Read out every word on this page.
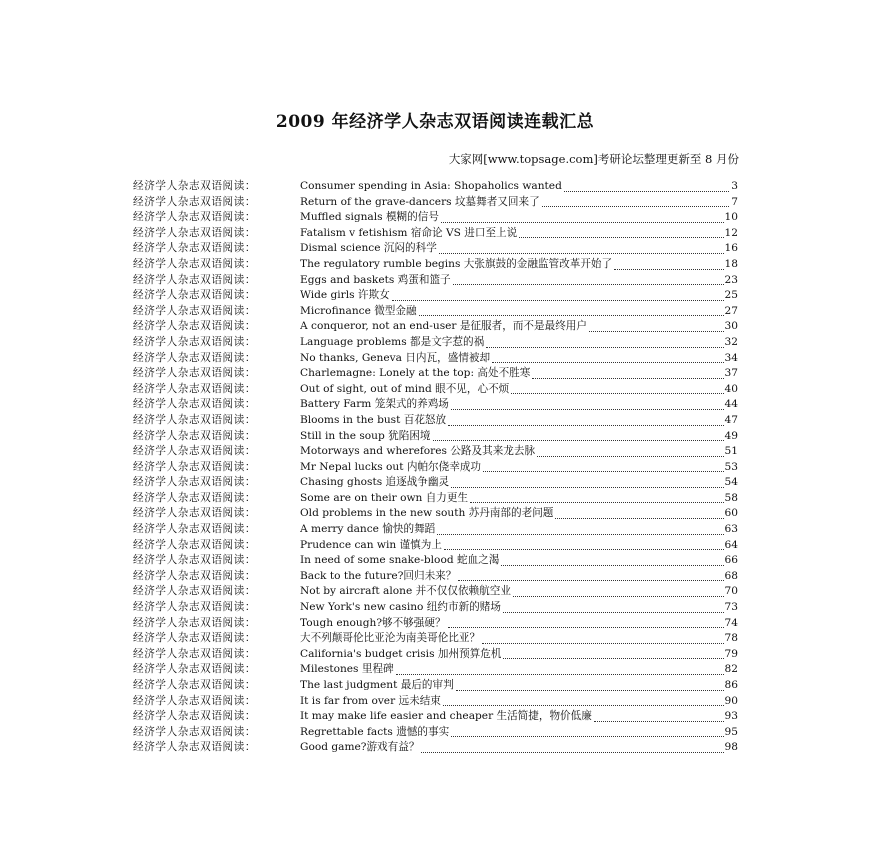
2009 年经济学人杂志双语阅读连载汇总
大家网[www.topsage.com]考研论坛整理更新至 8 月份
经济学人杂志双语阅读：	Consumer spending in Asia: Shopaholics wanted	3
经济学人杂志双语阅读：	Return of the grave-dancers 坟墓舞者又回来了	7
经济学人杂志双语阅读：	Muffled signals 模糊的信号	10
经济学人杂志双语阅读：	Fatalism v fetishism 宿命论 VS 进口至上说	12
经济学人杂志双语阅读：	Dismal science 沉闷的科学	16
经济学人杂志双语阅读：	The regulatory rumble begins 大张旗鼓的金融监管改革开始了	18
经济学人杂志双语阅读：	Eggs and baskets 鸡蛋和篮子	23
经济学人杂志双语阅读：	Wide girls 许欺女	25
经济学人杂志双语阅读：	Microfinance 微型金融	27
经济学人杂志双语阅读：	A conqueror, not an end-user 是征服者，而不是最终用户	30
经济学人杂志双语阅读：	Language problems 都是文字惹的祸	32
经济学人杂志双语阅读：	No thanks, Geneva 日内瓦，盛情被却	34
经济学人杂志双语阅读：	Charlemagne: Lonely at the top: 高处不胜寒	37
经济学人杂志双语阅读：	Out of sight, out of mind 眼不见，心不烦	40
经济学人杂志双语阅读：	Battery Farm 笼架式的养鸡场	44
经济学人杂志双语阅读：	Blooms in the bust 百花怒放	47
经济学人杂志双语阅读：	Still in the soup 犹陷困境	49
经济学人杂志双语阅读：	Motorways and wherefores 公路及其来龙去脉	51
经济学人杂志双语阅读：	Mr Nepal lucks out 内帕尔侥幸成功	53
经济学人杂志双语阅读：	Chasing ghosts 追逐战争幽灵	54
经济学人杂志双语阅读：	Some are on their own 自力更生	58
经济学人杂志双语阅读：	Old problems in the new south 苏丹南部的老问题	60
经济学人杂志双语阅读：	A merry dance 愉快的舞蹈	63
经济学人杂志双语阅读：	Prudence can win 谨慎为上	64
经济学人杂志双语阅读：	In need of some snake-blood 蛇血之渴	66
经济学人杂志双语阅读：	Back to the future?回归未来？	68
经济学人杂志双语阅读：	Not by aircraft alone 并不仅仅依赖航空业	70
经济学人杂志双语阅读：	New York's new casino 纽约市新的赌场	73
经济学人杂志双语阅读：	Tough enough?够不够强硬？	74
经济学人杂志双语阅读：	大不列颠哥伦比亚沦为南美哥伦比亚？	78
经济学人杂志双语阅读：	California's budget crisis 加州预算危机	79
经济学人杂志双语阅读：	Milestones 里程碑	82
经济学人杂志双语阅读：	The last judgment 最后的审判	86
经济学人杂志双语阅读：	It is far from over 远未结束	90
经济学人杂志双语阅读：	It may make life easier and cheaper 生活简捷，物价低廉	93
经济学人杂志双语阅读：	Regrettable facts 遗憾的事实	95
经济学人杂志双语阅读：	Good game?游戏有益？	98
